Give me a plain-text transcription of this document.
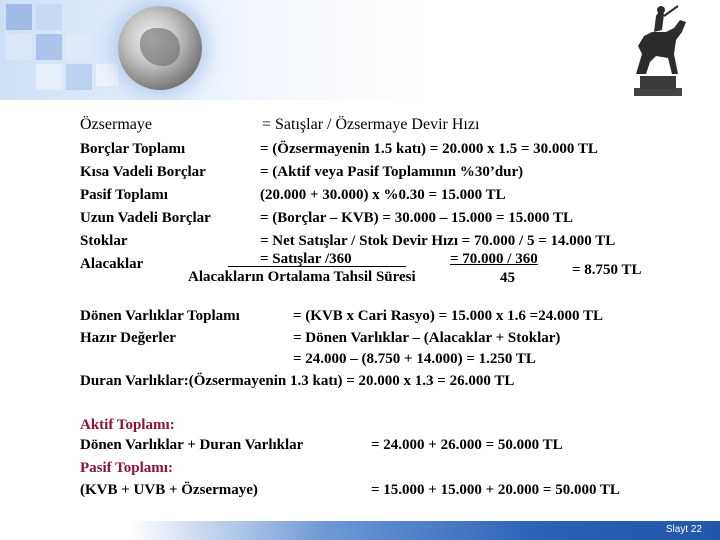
Özsermaye	= Satışlar / Özsermaye Devir Hızı
Borçlar Toplamı	= (Özsermayenin 1.5 katı) = 20.000 x 1.5 = 30.000 TL
Kısa Vadeli Borçlar	= (Aktif veya Pasif Toplamının %30’dur)
Pasif Toplamı	(20.000 + 30.000) x %0.30 = 15.000 TL
Uzun Vadeli Borçlar	= (Borçlar – KVB) = 30.000 – 15.000 = 15.000 TL
Stoklar	= Net Satışlar / Stok Devir Hızı = 70.000 / 5 = 14.000 TL
Alacaklar	= Satışlar /360
Alacakların Ortalama Tahsil Süresi
= 70.000 / 360
45	= 8.750 TL
Dönen Varlıklar Toplamı	= (KVB x Cari Rasyo) = 15.000 x 1.6 =24.000 TL
Hazır Değerler	= Dönen Varlıklar – (Alacaklar + Stoklar)
= 24.000 – (8.750 + 14.000) = 1.250 TL
Duran Varlıklar:(Özsermayenin 1.3 katı) = 20.000 x 1.3 = 26.000 TL
Aktif Toplamı:
Dönen Varlıklar + Duran Varlıklar	= 24.000 + 26.000 = 50.000 TL
Pasif Toplamı:
(KVB + UVB + Özsermaye)	= 15.000 + 15.000 + 20.000 = 50.000 TL
Slayt 22
